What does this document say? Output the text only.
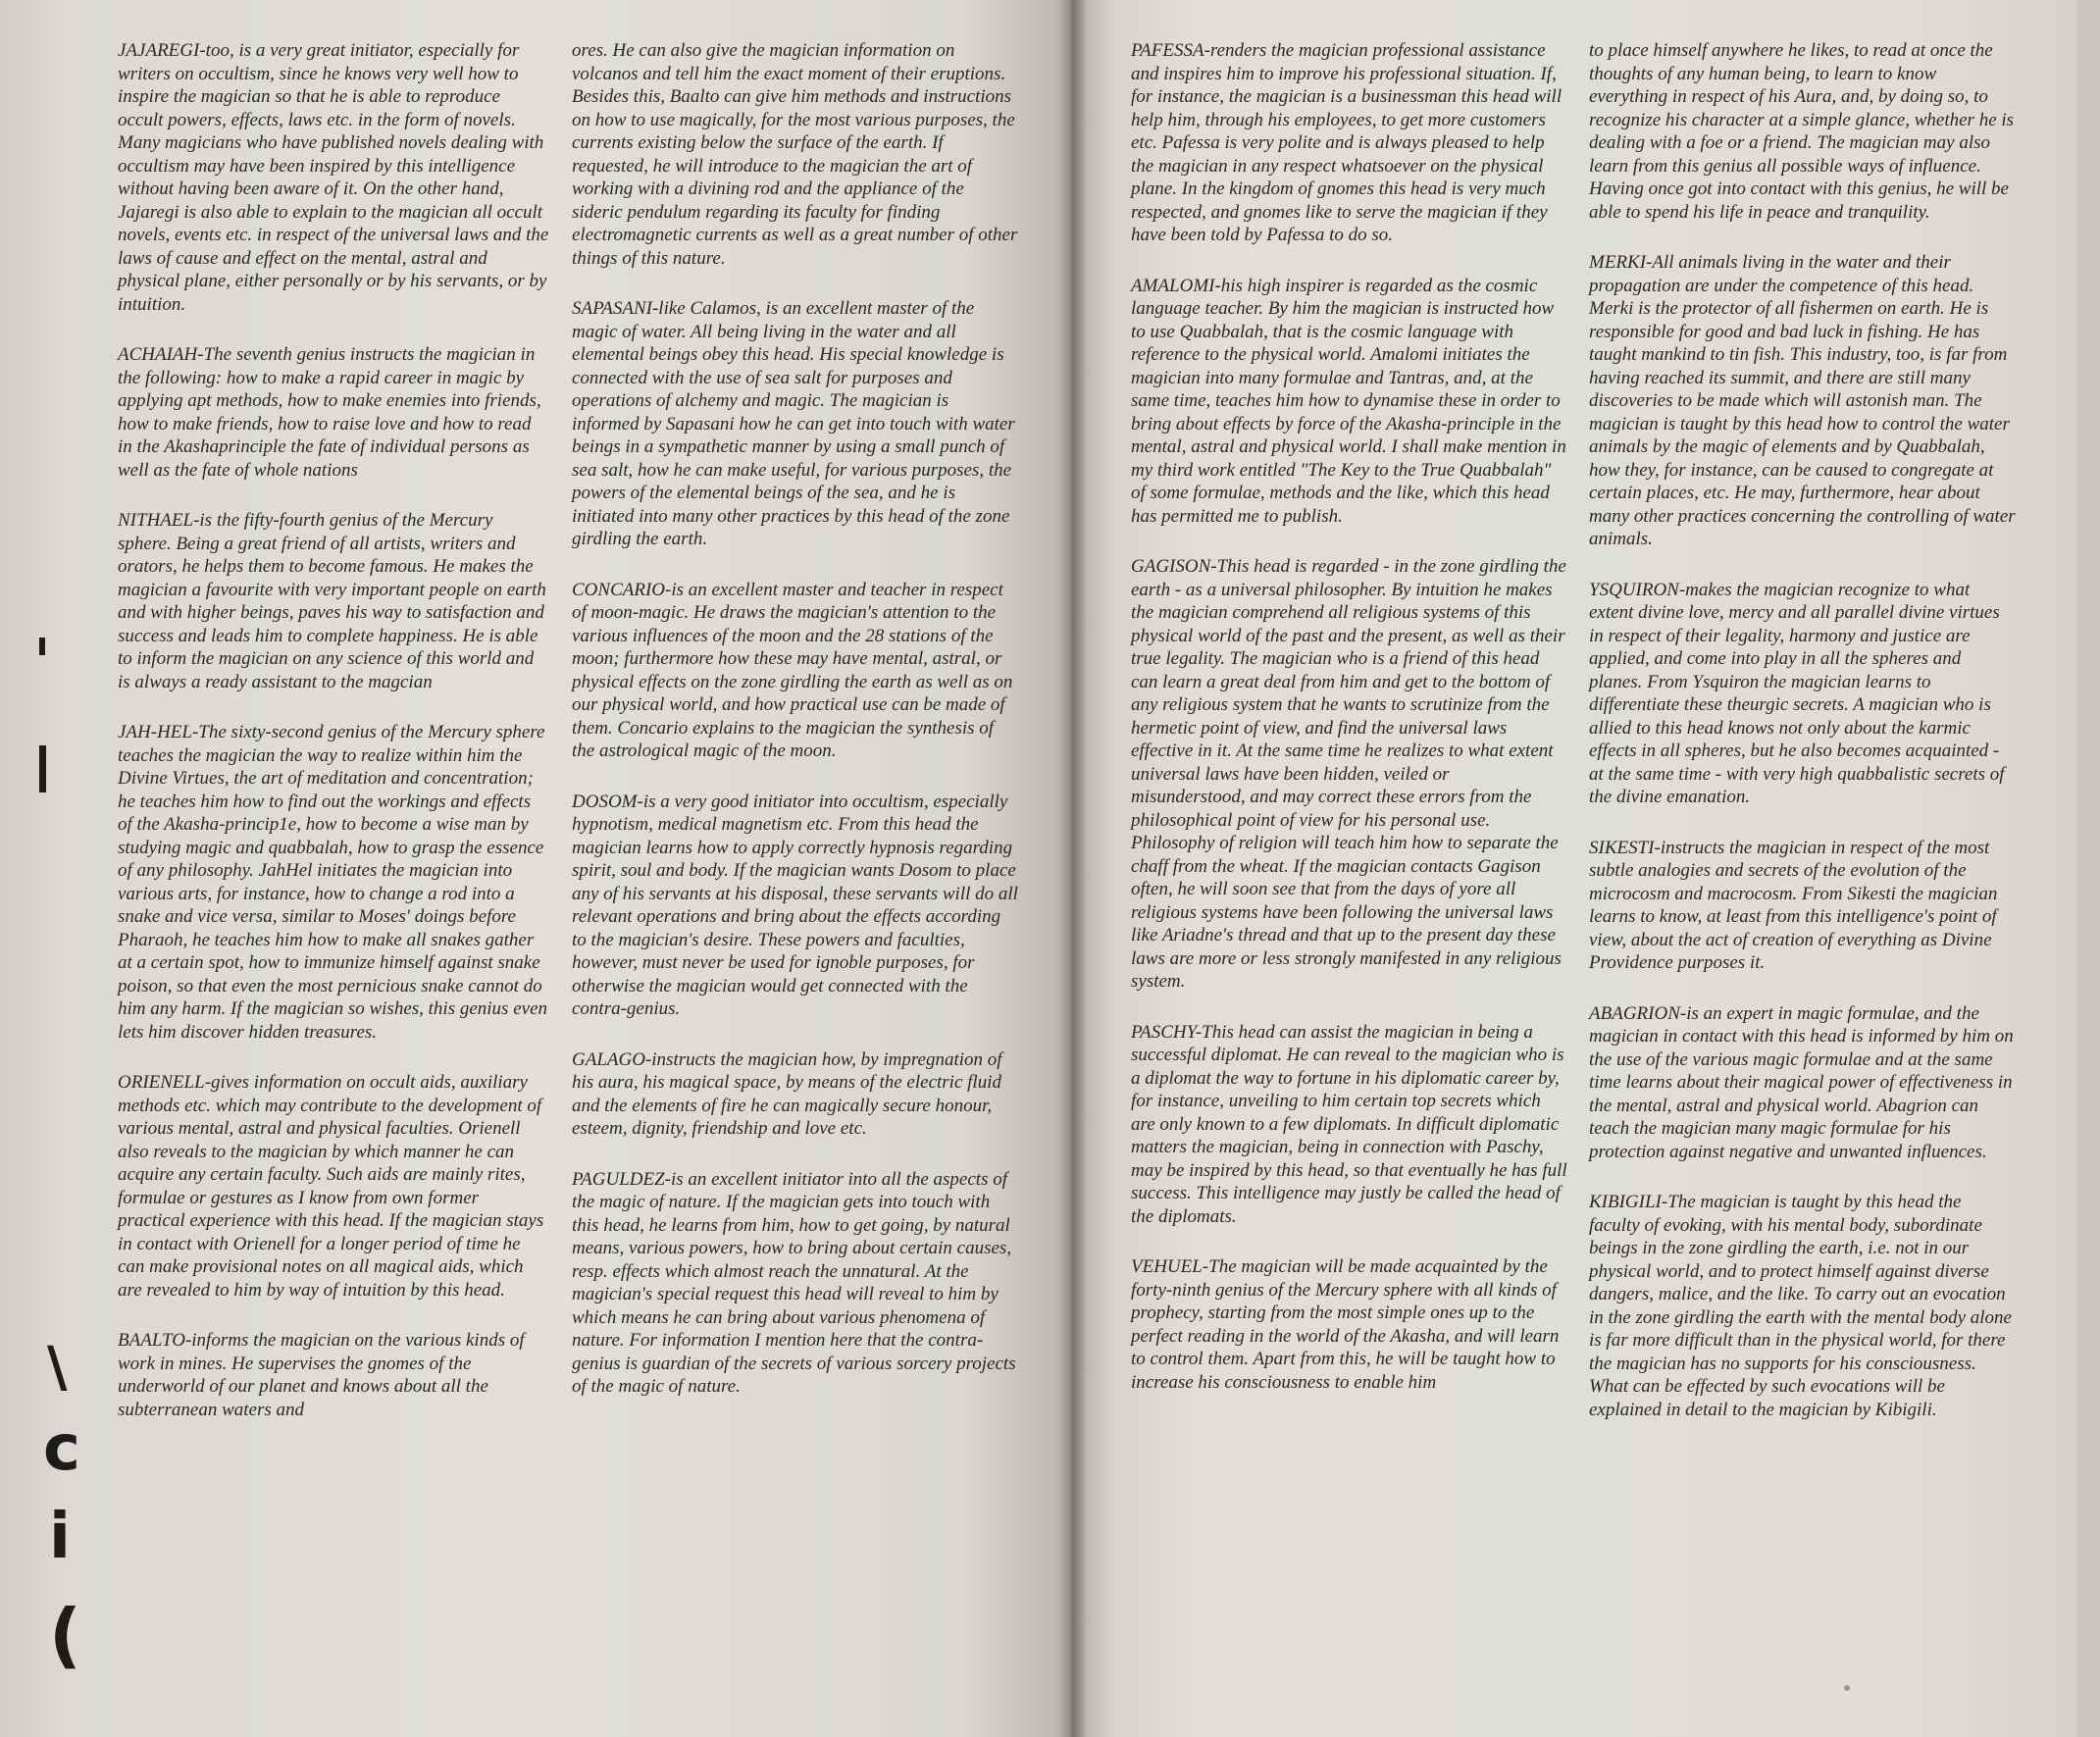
\
c
i
(

JAJAREGI-too, is a very great initiator, especially for writers on occultism, since he knows very well how to inspire the magician so that he is able to reproduce occult powers, effects, laws etc. in the form of novels. Many magicians who have published novels dealing with occultism may have been inspired by this intelligence without having been aware of it. On the other hand, Jajaregi is also able to explain to the magician all occult novels, events etc. in respect of the universal laws and the laws of cause and effect on the mental, astral and physical plane, either personally or by his servants, or by intuition.

ACHAIAH-The seventh genius instructs the magician in the following: how to make a rapid career in magic by applying apt methods, how to make enemies into friends, how to make friends, how to raise love and how to read in the Akashaprinciple the fate of individual persons as well as the fate of whole nations

NITHAEL-is the fifty-fourth genius of the Mercury sphere. Being a great friend of all artists, writers and orators, he helps them to become famous. He makes the magician a favourite with very important people on earth and with higher beings, paves his way to satisfaction and success and leads him to complete happiness. He is able to inform the magician on any science of this world and is always a ready assistant to the magcian

JAH-HEL-The sixty-second genius of the Mercury sphere teaches the magician the way to realize within him the Divine Virtues, the art of meditation and concentration; he teaches him how to find out the workings and effects of the Akasha-princip1e, how to become a wise man by studying magic and quabbalah, how to grasp the essence of any philosophy. JahHel initiates the magician into various arts, for instance, how to change a rod into a snake and vice versa, similar to Moses' doings before Pharaoh, he teaches him how to make all snakes gather at a certain spot, how to immunize himself against snake poison, so that even the most pernicious snake cannot do him any harm. If the magician so wishes, this genius even lets him discover hidden treasures.

ORIENELL-gives information on occult aids, auxiliary methods etc. which may contribute to the development of various mental, astral and physical faculties. Orienell also reveals to the magician by which manner he can acquire any certain faculty. Such aids are mainly rites, formulae or gestures as I know from own former practical experience with this head. If the magician stays in contact with Orienell for a longer period of time he can make provisional notes on all magical aids, which are revealed to him by way of intuition by this head.

BAALTO-informs the magician on the various kinds of work in mines. He supervises the gnomes of the underworld of our planet and knows about all the subterranean waters and

ores. He can also give the magician information on volcanos and tell him the exact moment of their eruptions. Besides this, Baalto can give him methods and instructions on how to use magically, for the most various purposes, the currents existing below the surface of the earth. If requested, he will introduce to the magician the art of working with a divining rod and the appliance of the sideric pendulum regarding its faculty for finding electromagnetic currents as well as a great number of other things of this nature.

SAPASANI-like Calamos, is an excellent master of the magic of water. All being living in the water and all elemental beings obey this head. His special knowledge is connected with the use of sea salt for purposes and operations of alchemy and magic. The magician is informed by Sapasani how he can get into touch with water beings in a sympathetic manner by using a small punch of sea salt, how he can make useful, for various purposes, the powers of the elemental beings of the sea, and he is initiated into many other practices by this head of the zone girdling the earth.

CONCARIO-is an excellent master and teacher in respect of moon-magic. He draws the magician's attention to the various influences of the moon and the 28 stations of the moon; furthermore how these may have mental, astral, or physical effects on the zone girdling the earth as well as on our physical world, and how practical use can be made of them. Concario explains to the magician the synthesis of the astrological magic of the moon.

DOSOM-is a very good initiator into occultism, especially hypnotism, medical magnetism etc. From this head the magician learns how to apply correctly hypnosis regarding spirit, soul and body. If the magician wants Dosom to place any of his servants at his disposal, these servants will do all relevant operations and bring about the effects according to the magician's desire. These powers and faculties, however, must never be used for ignoble purposes, for otherwise the magician would get connected with the contra-genius.

GALAGO-instructs the magician how, by impregnation of his aura, his magical space, by means of the electric fluid and the elements of fire he can magically secure honour, esteem, dignity, friendship and love etc.

PAGULDEZ-is an excellent initiator into all the aspects of the magic of nature. If the magician gets into touch with this head, he learns from him, how to get going, by natural means, various powers, how to bring about certain causes, resp. effects which almost reach the unnatural. At the magician's special request this head will reveal to him by which means he can bring about various phenomena of nature. For information I mention here that the contra-genius is guardian of the secrets of various sorcery projects of the magic of nature.

PAFESSA-renders the magician professional assistance and inspires him to improve his professional situation. If, for instance, the magician is a businessman this head will help him, through his employees, to get more customers etc. Pafessa is very polite and is always pleased to help the magician in any respect whatsoever on the physical plane. In the kingdom of gnomes this head is very much respected, and gnomes like to serve the magician if they have been told by Pafessa to do so.

AMALOMI-his high inspirer is regarded as the cosmic language teacher. By him the magician is instructed how to use Quabbalah, that is the cosmic language with reference to the physical world. Amalomi initiates the magician into many formulae and Tantras, and, at the same time, teaches him how to dynamise these in order to bring about effects by force of the Akasha-principle in the mental, astral and physical world. I shall make mention in my third work entitled "The Key to the True Quabbalah" of some formulae, methods and the like, which this head has permitted me to publish.

GAGISON-This head is regarded - in the zone girdling the earth - as a universal philosopher. By intuition he makes the magician comprehend all religious systems of this physical world of the past and the present, as well as their true legality. The magician who is a friend of this head can learn a great deal from him and get to the bottom of any religious system that he wants to scrutinize from the hermetic point of view, and find the universal laws effective in it. At the same time he realizes to what extent universal laws have been hidden, veiled or misunderstood, and may correct these errors from the philosophical point of view for his personal use. Philosophy of religion will teach him how to separate the chaff from the wheat. If the magician contacts Gagison often, he will soon see that from the days of yore all religious systems have been following the universal laws like Ariadne's thread and that up to the present day these laws are more or less strongly manifested in any religious system.

PASCHY-This head can assist the magician in being a successful diplomat. He can reveal to the magician who is a diplomat the way to fortune in his diplomatic career by, for instance, unveiling to him certain top secrets which are only known to a few diplomats. In difficult diplomatic matters the magician, being in connection with Paschy, may be inspired by this head, so that eventually he has full success. This intelligence may justly be called the head of the diplomats.

VEHUEL-The magician will be made acquainted by the forty-ninth genius of the Mercury sphere with all kinds of prophecy, starting from the most simple ones up to the perfect reading in the world of the Akasha, and will learn to control them. Apart from this, he will be taught how to increase his consciousness to enable him

to place himself anywhere he likes, to read at once the thoughts of any human being, to learn to know everything in respect of his Aura, and, by doing so, to recognize his character at a simple glance, whether he is dealing with a foe or a friend. The magician may also learn from this genius all possible ways of influence. Having once got into contact with this genius, he will be able to spend his life in peace and tranquility.

MERKI-All animals living in the water and their propagation are under the competence of this head. Merki is the protector of all fishermen on earth. He is responsible for good and bad luck in fishing. He has taught mankind to tin fish. This industry, too, is far from having reached its summit, and there are still many discoveries to be made which will astonish man. The magician is taught by this head how to control the water animals by the magic of elements and by Quabbalah, how they, for instance, can be caused to congregate at certain places, etc. He may, furthermore, hear about many other practices concerning the controlling of water animals.

YSQUIRON-makes the magician recognize to what extent divine love, mercy and all parallel divine virtues in respect of their legality, harmony and justice are applied, and come into play in all the spheres and planes. From Ysquiron the magician learns to differentiate these theurgic secrets. A magician who is allied to this head knows not only about the karmic effects in all spheres, but he also becomes acquainted - at the same time - with very high quabbalistic secrets of the divine emanation.

SIKESTI-instructs the magician in respect of the most subtle analogies and secrets of the evolution of the microcosm and macrocosm. From Sikesti the magician learns to know, at least from this intelligence's point of view, about the act of creation of everything as Divine Providence purposes it.

ABAGRION-is an expert in magic formulae, and the magician in contact with this head is informed by him on the use of the various magic formulae and at the same time learns about their magical power of effectiveness in the mental, astral and physical world. Abagrion can teach the magician many magic formulae for his protection against negative and unwanted influences.

KIBIGILI-The magician is taught by this head the faculty of evoking, with his mental body, subordinate beings in the zone girdling the earth, i.e. not in our physical world, and to protect himself against diverse dangers, malice, and the like. To carry out an evocation in the zone girdling the earth with the mental body alone is far more difficult than in the physical world, for there the magician has no supports for his consciousness. What can be effected by such evocations will be explained in detail to the magician by Kibigili.
